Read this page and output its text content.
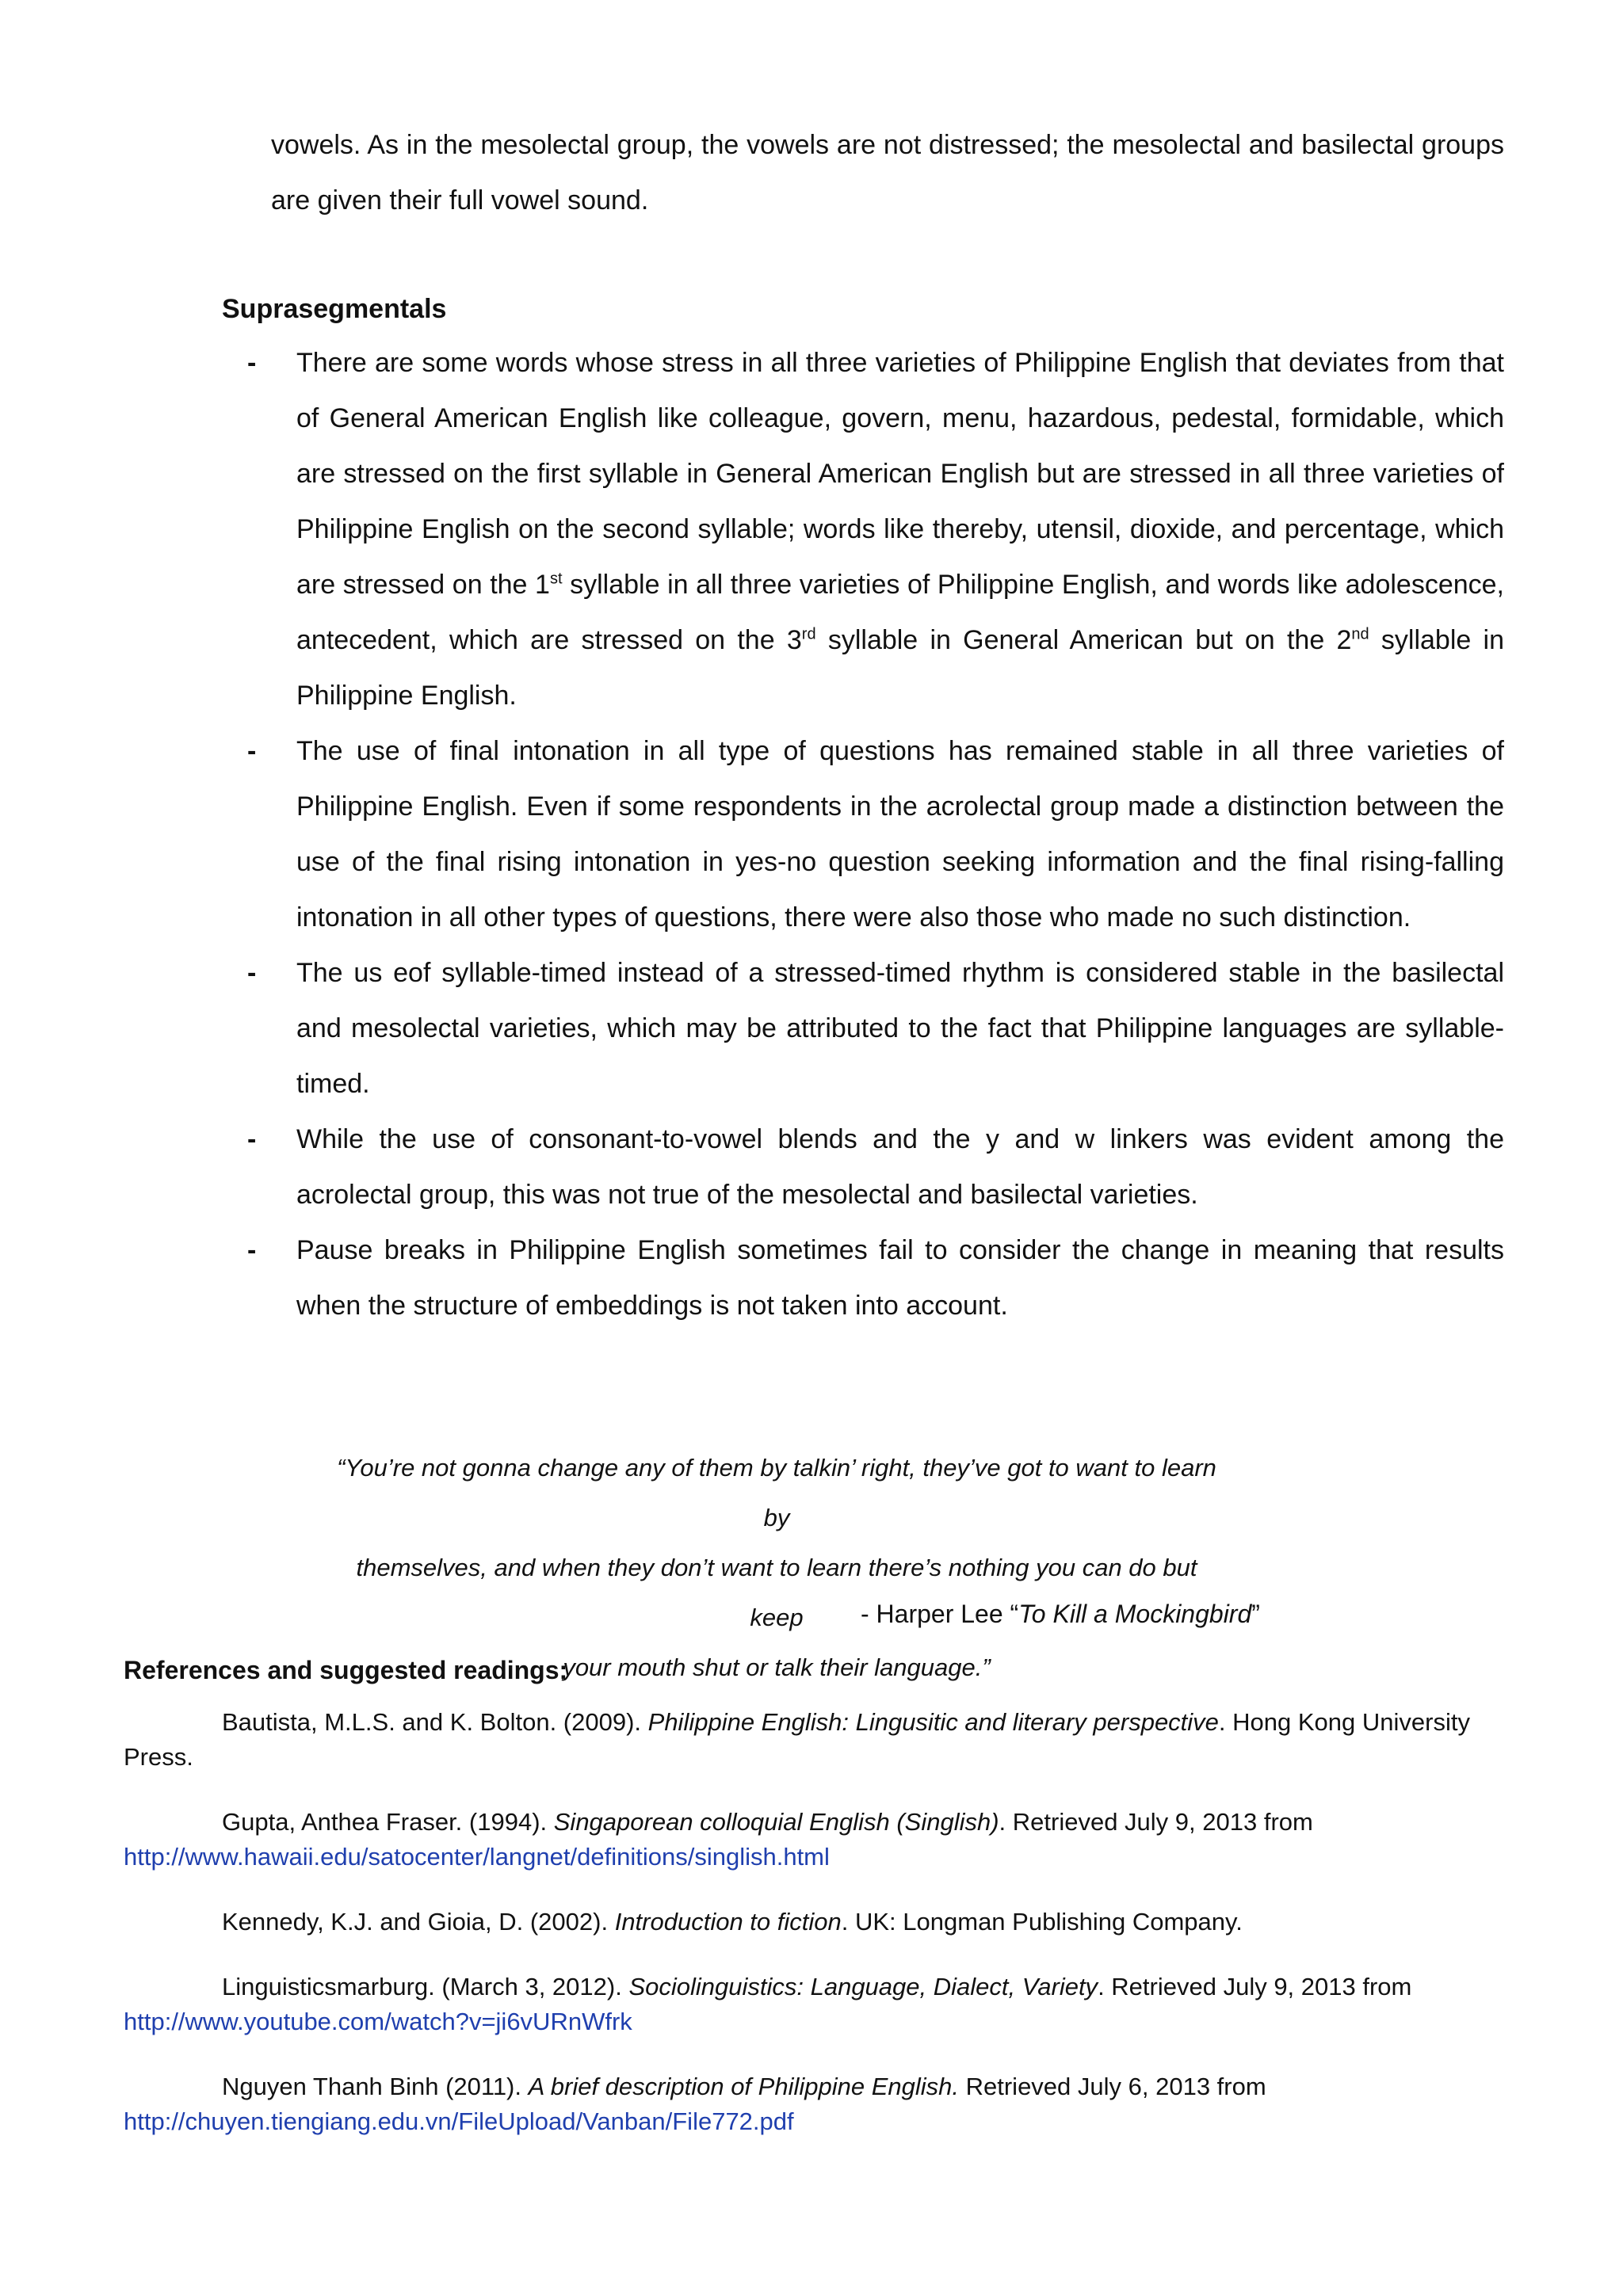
vowels. As in the mesolectal group, the vowels are not distressed; the mesolectal and basilectal groups are given their full vowel sound.

Suprasegmentals
- There are some words whose stress in all three varieties of Philippine English that deviates from that of General American English like colleague, govern, menu, hazardous, pedestal, formidable, which are stressed on the first syllable in General American English but are stressed in all three varieties of Philippine English on the second syllable; words like thereby, utensil, dioxide, and percentage, which are stressed on the 1st syllable in all three varieties of Philippine English, and words like adolescence, antecedent, which are stressed on the 3rd syllable in General American but on the 2nd syllable in Philippine English.
- The use of final intonation in all type of questions has remained stable in all three varieties of Philippine English. Even if some respondents in the acrolectal group made a distinction between the use of the final rising intonation in yes-no question seeking information and the final rising-falling intonation in all other types of questions, there were also those who made no such distinction.
- The us eof syllable-timed instead of a stressed-timed rhythm is considered stable in the basilectal and mesolectal varieties, which may be attributed to the fact that Philippine languages are syllable-timed.
- While the use of consonant-to-vowel blends and the y and w linkers was evident among the acrolectal group, this was not true of the mesolectal and basilectal varieties.
- Pause breaks in Philippine English sometimes fail to consider the change in meaning that results when the structure of embeddings is not taken into account.
“You’re not gonna change any of them by talkin’ right, they’ve got to want to learn by
themselves, and when they don’t want to learn there’s nothing you can do but keep
your mouth shut or talk their language.”
- Harper Lee “To Kill a Mockingbird”
References and suggested readings:
Bautista, M.L.S. and K. Bolton. (2009). Philippine English: Lingusitic and literary perspective. Hong Kong University Press.
Gupta, Anthea Fraser. (1994). Singaporean colloquial English (Singlish). Retrieved July 9, 2013 from
http://www.hawaii.edu/satocenter/langnet/definitions/singlish.html
Kennedy, K.J. and Gioia, D. (2002). Introduction to fiction. UK: Longman Publishing Company.
Linguisticsmarburg. (March 3, 2012). Sociolinguistics: Language, Dialect, Variety. Retrieved July 9, 2013 from
http://www.youtube.com/watch?v=ji6vURnWfrk
Nguyen Thanh Binh (2011). A brief description of Philippine English. Retrieved July 6, 2013 from
http://chuyen.tiengiang.edu.vn/FileUpload/Vanban/File772.pdf
